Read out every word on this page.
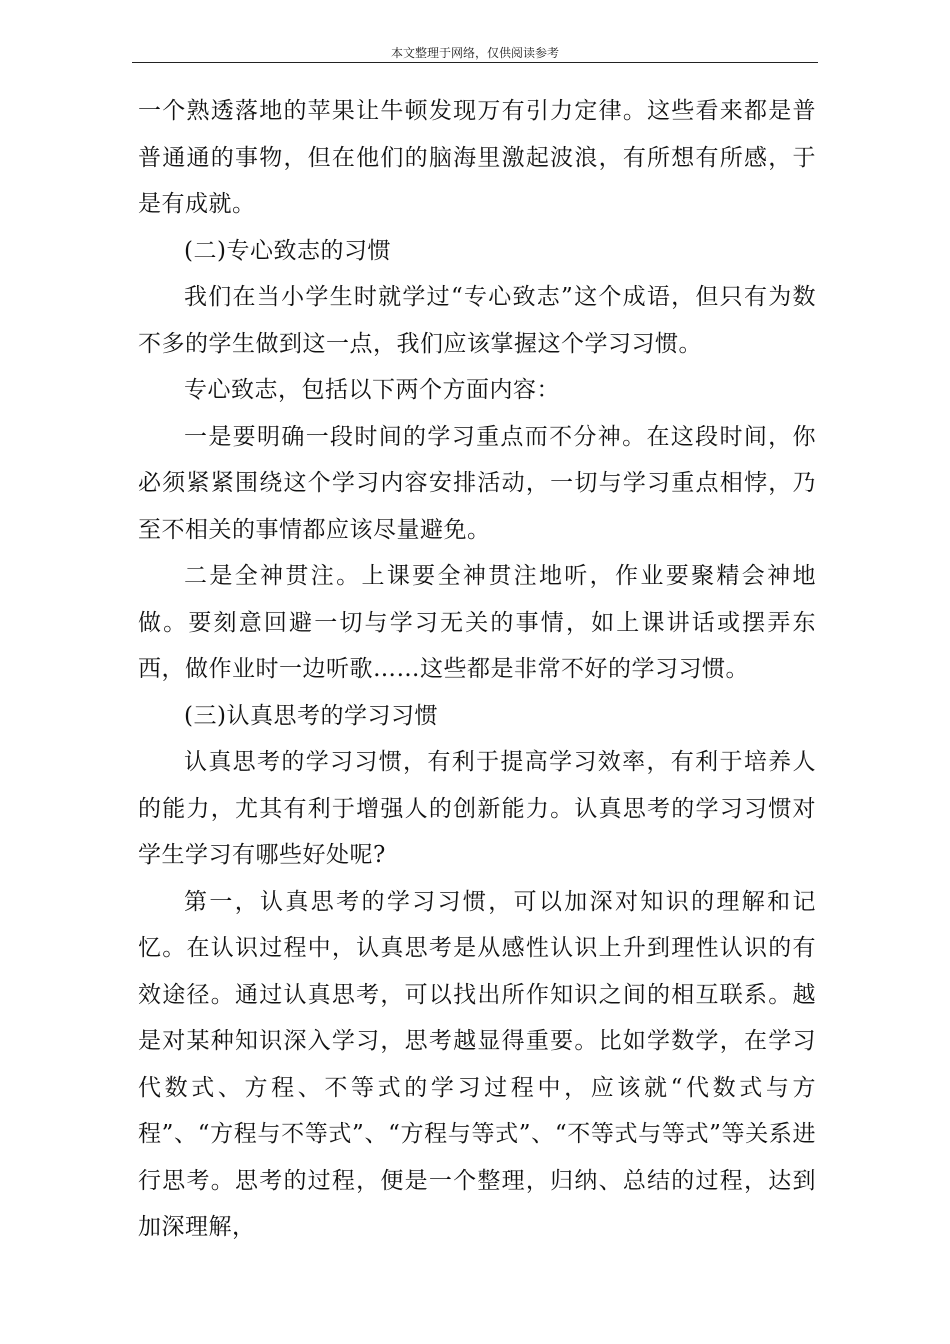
本文整理于网络，仅供阅读参考

一个熟透落地的苹果让牛顿发现万有引力定律。这些看来都是普普通通的事物，但在他们的脑海里激起波浪，有所想有所感，于是有成就。

(二)专心致志的习惯

我们在当小学生时就学过“专心致志”这个成语，但只有为数不多的学生做到这一点，我们应该掌握这个学习习惯。

专心致志，包括以下两个方面内容：

一是要明确一段时间的学习重点而不分神。在这段时间，你必须紧紧围绕这个学习内容安排活动，一切与学习重点相悖，乃至不相关的事情都应该尽量避免。

二是全神贯注。上课要全神贯注地听，作业要聚精会神地做。要刻意回避一切与学习无关的事情，如上课讲话或摆弄东西，做作业时一边听歌……这些都是非常不好的学习习惯。

(三)认真思考的学习习惯

认真思考的学习习惯，有利于提高学习效率，有利于培养人的能力，尤其有利于增强人的创新能力。认真思考的学习习惯对学生学习有哪些好处呢?

第一，认真思考的学习习惯，可以加深对知识的理解和记忆。在认识过程中，认真思考是从感性认识上升到理性认识的有效途径。通过认真思考，可以找出所作知识之间的相互联系。越是对某种知识深入学习，思考越显得重要。比如学数学，在学习代数式、方程、不等式的学习过程中，应该就“代数式与方程”、“方程与不等式”、“方程与等式”、“不等式与等式”等关系进行思考。思考的过程，便是一个整理，归纳、总结的过程，达到加深理解，
